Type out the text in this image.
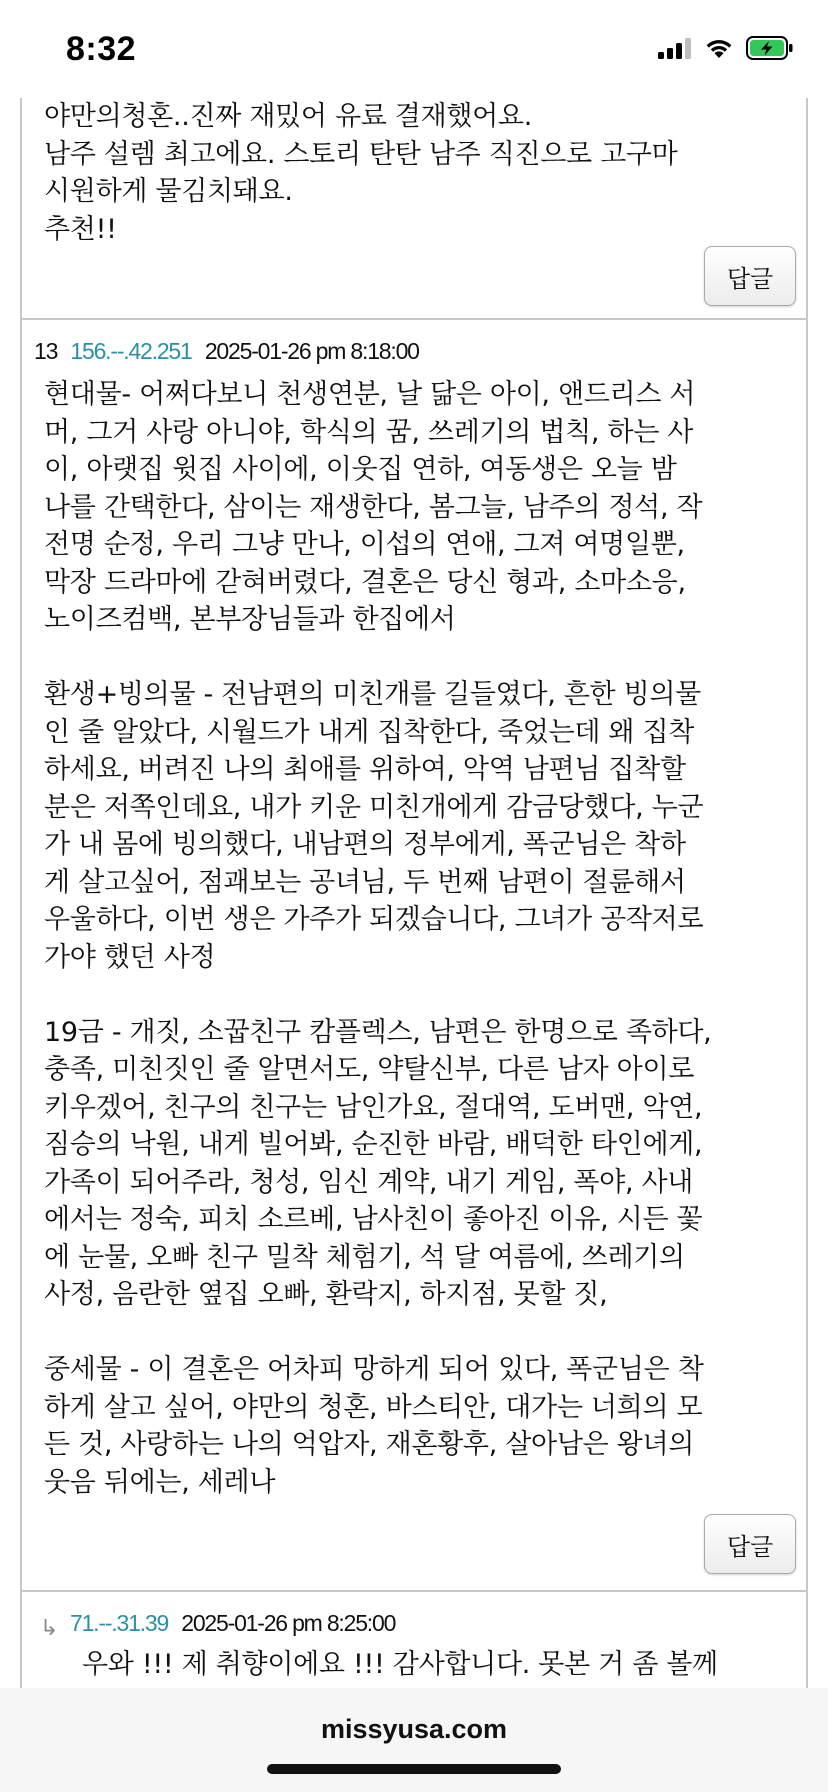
8:32
야만의청혼..진짜 재밌어 유료 결재했어요.
남주 설렘 최고에요. 스토리 탄탄 남주 직진으로 고구마
시원하게 물김치돼요.
추천!!
답글
13 156.--.42.251 2025-01-26 pm 8:18:00
현대물- 어쩌다보니 천생연분, 날 닮은 아이, 앤드리스 서
머, 그거 사랑 아니야, 학식의 꿈, 쓰레기의 법칙, 하는 사
이, 아랫집 윗집 사이에, 이웃집 연하, 여동생은 오늘 밤
나를 간택한다, 삼이는 재생한다, 봄그늘, 남주의 정석, 작
전명 순정, 우리 그냥 만나, 이섭의 연애, 그져 여명일뿐,
막장 드라마에 갇혀버렸다, 결혼은 당신 형과, 소마소응,
노이즈컴백, 본부장님들과 한집에서
환생+빙의물 - 전남편의 미친개를 길들였다, 흔한 빙의물
인 줄 알았다, 시월드가 내게 집착한다, 죽었는데 왜 집착
하세요, 버려진 나의 최애를 위하여, 악역 남편님 집착할
분은 저쪽인데요, 내가 키운 미친개에게 감금당했다, 누군
가 내 몸에 빙의했다, 내남편의 정부에게, 폭군님은 착하
게 살고싶어, 점괘보는 공녀님, 두 번째 남편이 절륜해서
우울하다, 이번 생은 가주가 되겠습니다, 그녀가 공작저로
가야 했던 사정
19금 - 개짓, 소꿉친구 캄플렉스, 남편은 한명으로 족하다,
충족, 미친짓인 줄 알면서도, 약탈신부, 다른 남자 아이로
키우겠어, 친구의 친구는 남인가요, 절대역, 도버맨, 악연,
짐승의 낙원, 내게 빌어봐, 순진한 바람, 배덕한 타인에게,
가족이 되어주라, 청성, 임신 계약, 내기 게임, 폭야, 사내
에서는 정숙, 피치 소르베, 남사친이 좋아진 이유, 시든 꽃
에 눈물, 오빠 친구 밀착 체험기, 석 달 여름에, 쓰레기의
사정, 음란한 옆집 오빠, 환락지, 하지점, 못할 짓,
중세물 - 이 결혼은 어차피 망하게 되어 있다, 폭군님은 착
하게 살고 싶어, 야만의 청혼, 바스티안, 대가는 너희의 모
든 것, 사랑하는 나의 억압자, 재혼황후, 살아남은 왕녀의
웃음 뒤에는, 세레나
답글
↳ 71.--.31.39 2025-01-26 pm 8:25:00
우와 !!! 제 취향이에요 !!! 감사합니다. 못본 거 좀 볼께
missyusa.com
